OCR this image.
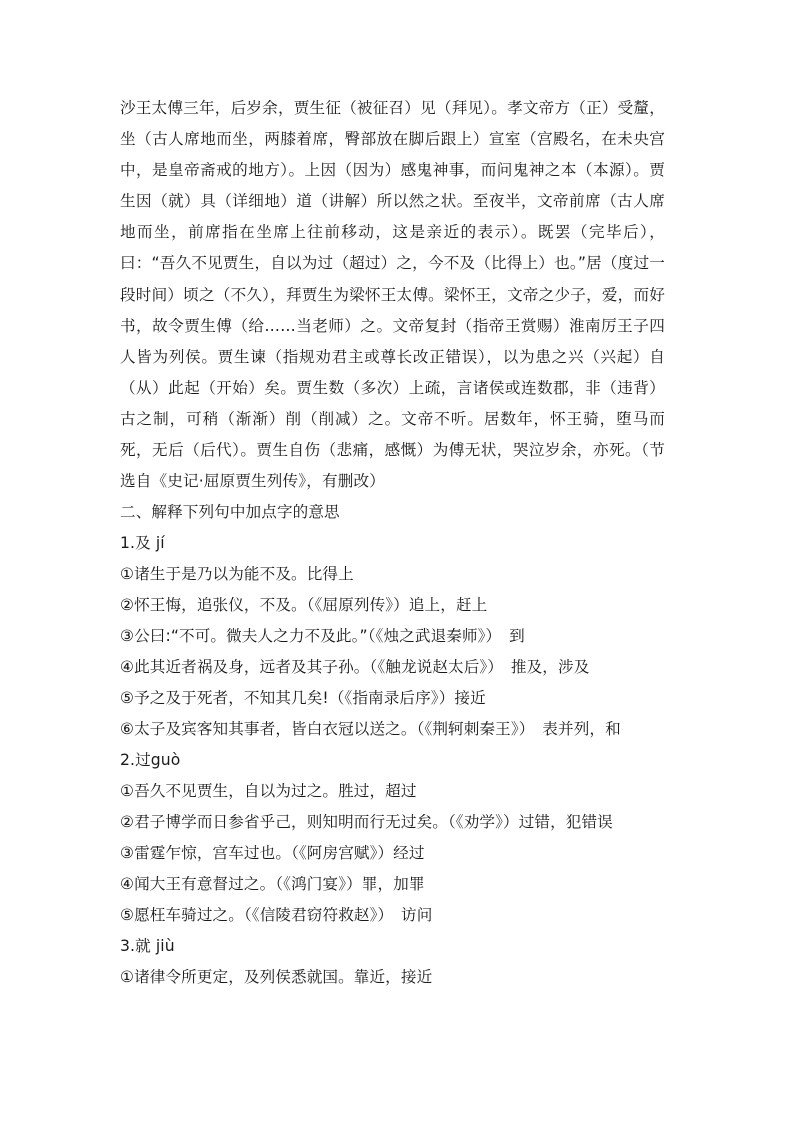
沙王太傅三年，后岁余，贾生征（被征召）见（拜见）。孝文帝方（正）受釐，坐（古人席地而坐，两膝着席，臀部放在脚后跟上）宣室（宫殿名，在未央宫中，是皇帝斋戒的地方）。上因（因为）感鬼神事，而问鬼神之本（本源）。贾生因（就）具（详细地）道（讲解）所以然之状。至夜半，文帝前席（古人席地而坐，前席指在坐席上往前移动，这是亲近的表示）。既罢（完毕后），曰：“吾久不见贾生，自以为过（超过）之，今不及（比得上）也。”居（度过一段时间）顷之（不久），拜贾生为梁怀王太傅。梁怀王，文帝之少子，爱，而好书，故令贾生傅（给……当老师）之。文帝复封（指帝王赏赐）淮南厉王子四人皆为列侯。贾生谏（指规劝君主或尊长改正错误），以为患之兴（兴起）自（从）此起（开始）矣。贾生数（多次）上疏，言诸侯或连数郡，非（违背）古之制，可稍（渐渐）削（削减）之。文帝不听。居数年，怀王骑，堕马而死，无后（后代）。贾生自伤（悲痛，感慨）为傅无状，哭泣岁余，亦死。（节选自《史记·屈原贾生列传》，有删改）

二、解释下列句中加点字的意思

1.及 jí

①诸生于是乃以为能不及。比得上

②怀王悔，追张仪，不及。（《屈原列传》）追上，赶上

③公曰:“不可。微夫人之力不及此。”（《烛之武退秦师》）　到

④此其近者祸及身，远者及其子孙。（《触龙说赵太后》）　推及，涉及

⑤予之及于死者，不知其几矣!（《指南录后序》）接近

⑥太子及宾客知其事者，皆白衣冠以送之。（《荆轲刺秦王》）　表并列，和

2.过guò

①吾久不见贾生，自以为过之。胜过，超过

②君子博学而日参省乎己，则知明而行无过矣。（《劝学》）过错，犯错误

③雷霆乍惊，宫车过也。（《阿房宫赋》）经过

④闻大王有意督过之。（《鸿门宴》）罪，加罪

⑤愿枉车骑过之。（《信陵君窃符救赵》）　访问

3.就 jiù

①诸律令所更定，及列侯悉就国。靠近，接近
